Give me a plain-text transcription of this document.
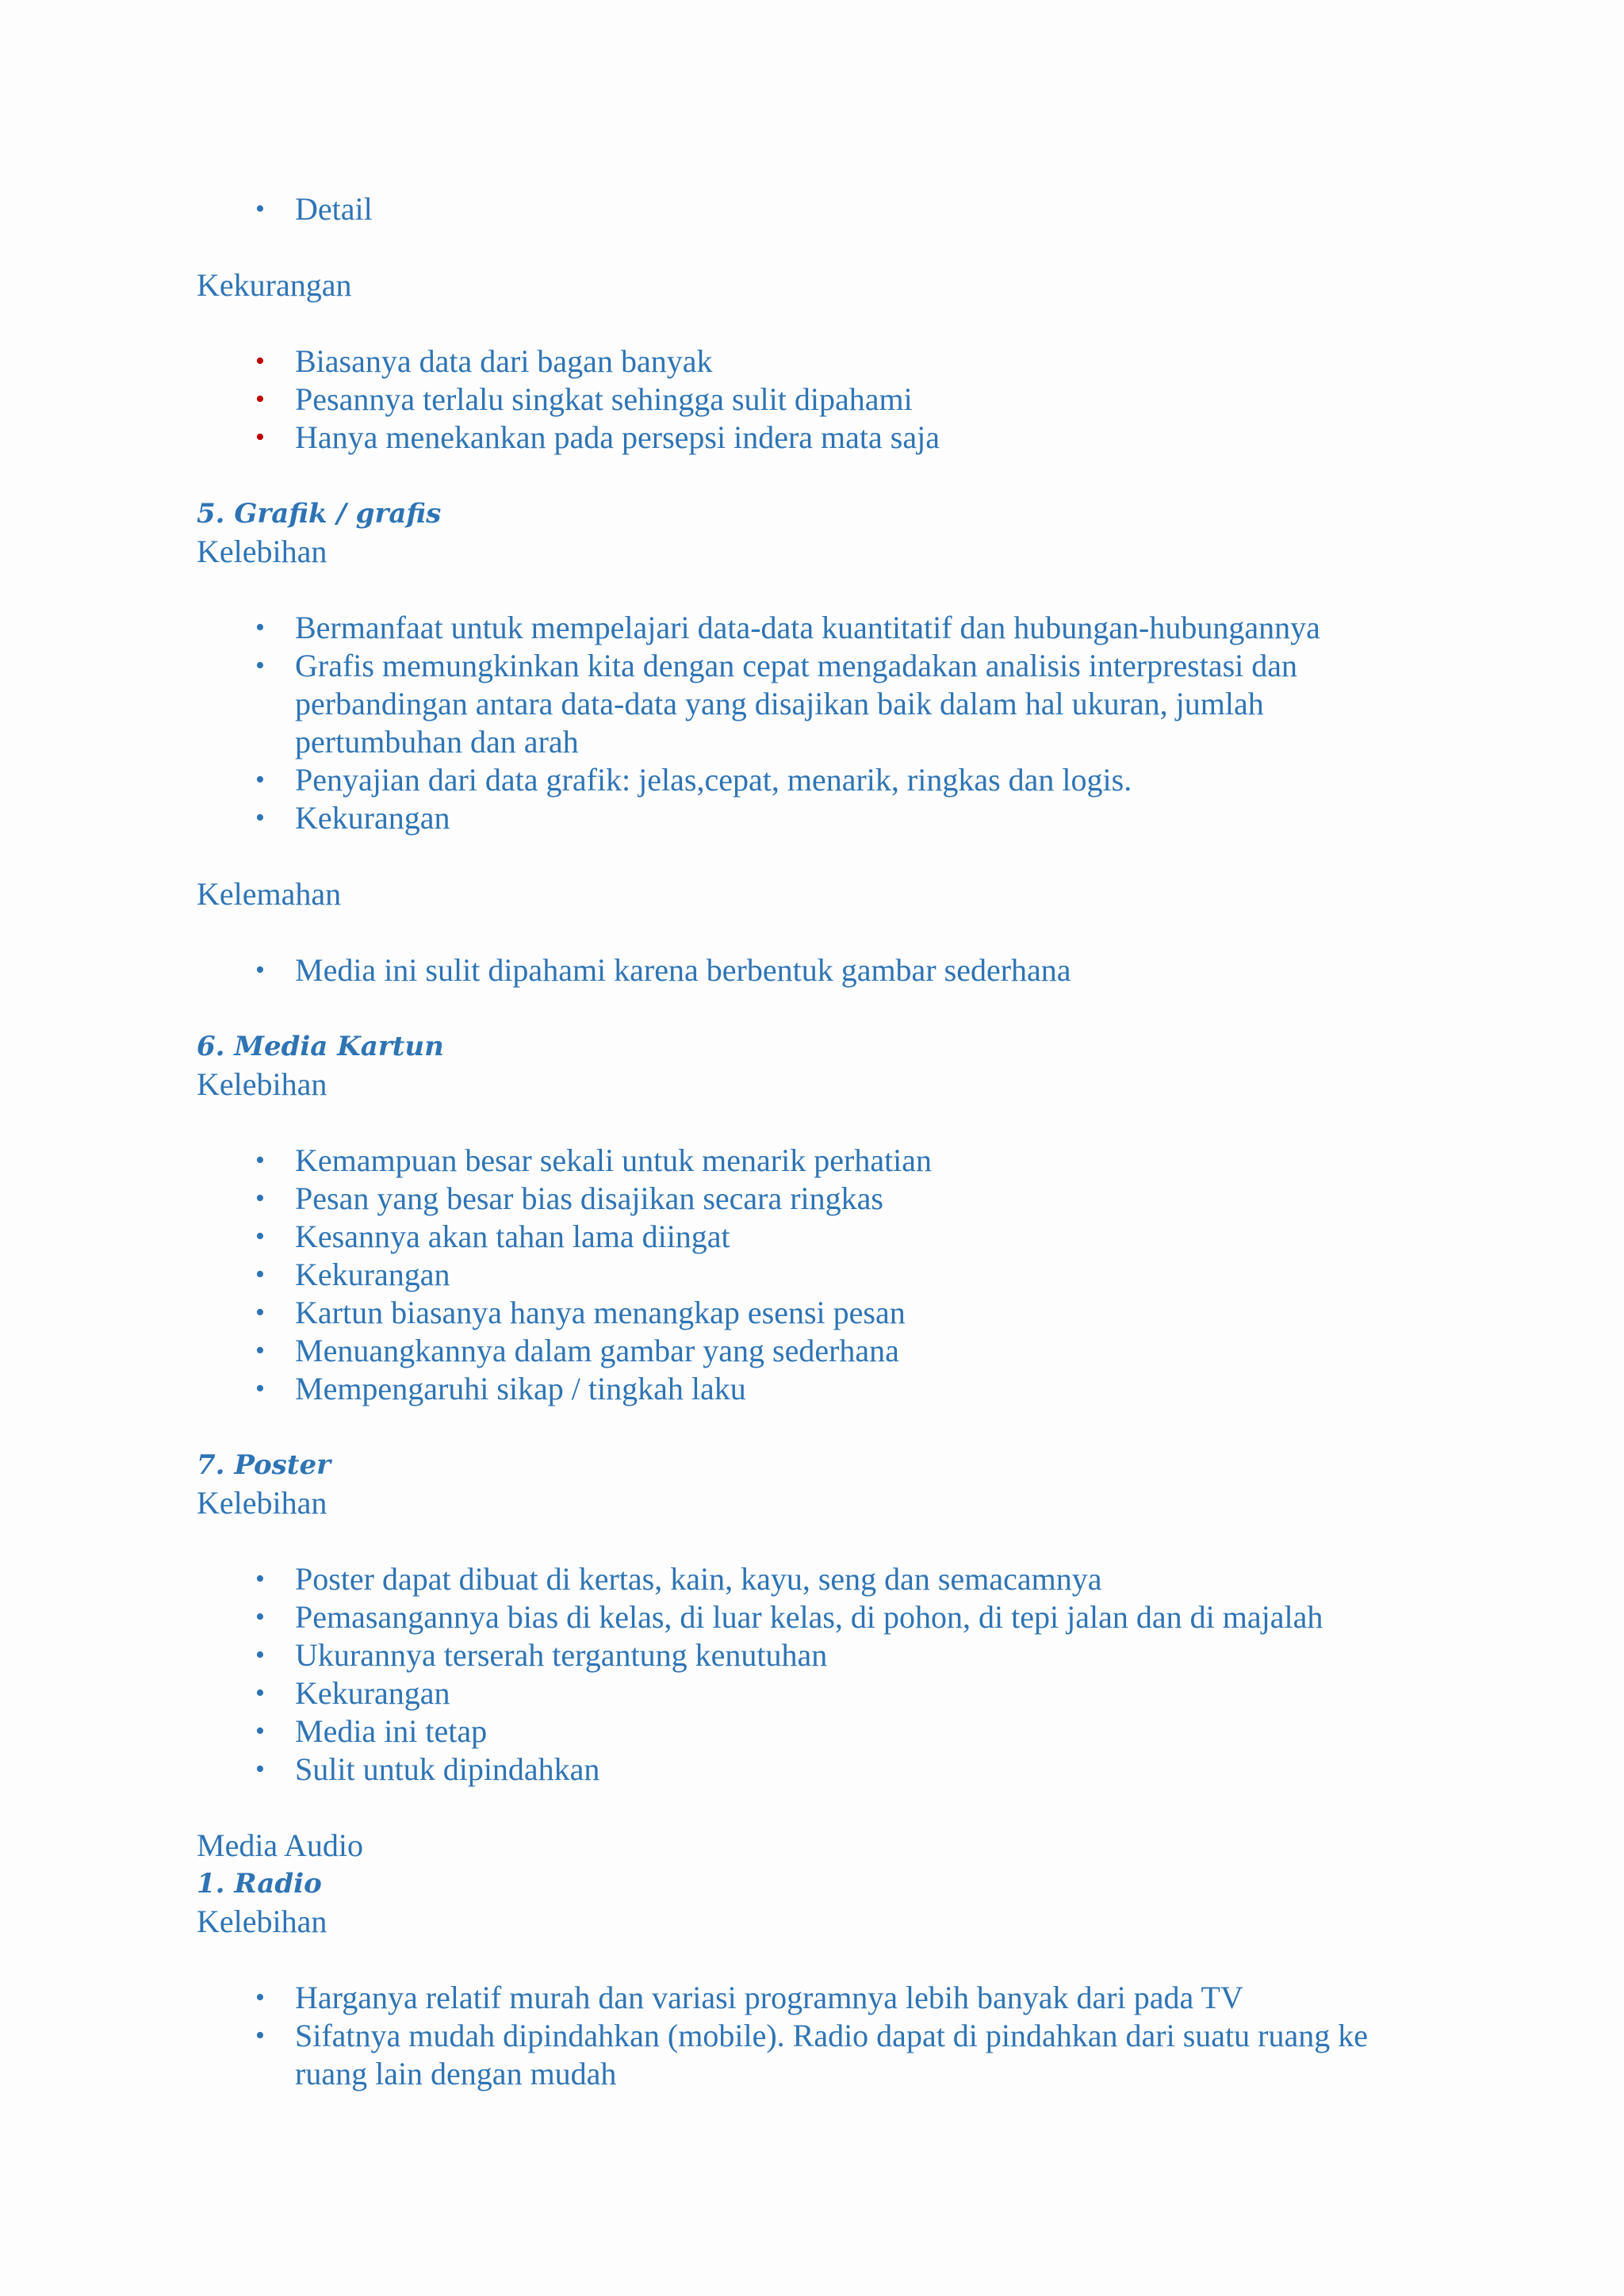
• Detail

Kekurangan

• Biasanya data dari bagan banyak
• Pesannya terlalu singkat sehingga sulit dipahami
• Hanya menekankan pada persepsi indera mata saja

5. Grafik / grafis

Kelebihan

• Bermanfaat untuk mempelajari data-data kuantitatif dan hubungan-hubungannya
• Grafis memungkinkan kita dengan cepat mengadakan analisis interprestasi dan perbandingan antara data-data yang disajikan baik dalam hal ukuran, jumlah pertumbuhan dan arah
• Penyajian dari data grafik: jelas,cepat, menarik, ringkas dan logis.
• Kekurangan

Kelemahan

• Media ini sulit dipahami karena berbentuk gambar sederhana

6. Media Kartun

Kelebihan

• Kemampuan besar sekali untuk menarik perhatian
• Pesan yang besar bias disajikan secara ringkas
• Kesannya akan tahan lama diingat
• Kekurangan
• Kartun biasanya hanya menangkap esensi pesan
• Menuangkannya dalam gambar yang sederhana
• Mempengaruhi sikap / tingkah laku

7. Poster

Kelebihan

• Poster dapat dibuat di kertas, kain, kayu, seng dan semacamnya
• Pemasangannya bias di kelas, di luar kelas, di pohon, di tepi jalan dan di majalah
• Ukurannya terserah tergantung kenutuhan
• Kekurangan
• Media ini tetap
• Sulit untuk dipindahkan

Media Audio

1. Radio

Kelebihan

• Harganya relatif murah dan variasi programnya lebih banyak dari pada TV
• Sifatnya mudah dipindahkan (mobile). Radio dapat di pindahkan dari suatu ruang ke ruang lain dengan mudah
